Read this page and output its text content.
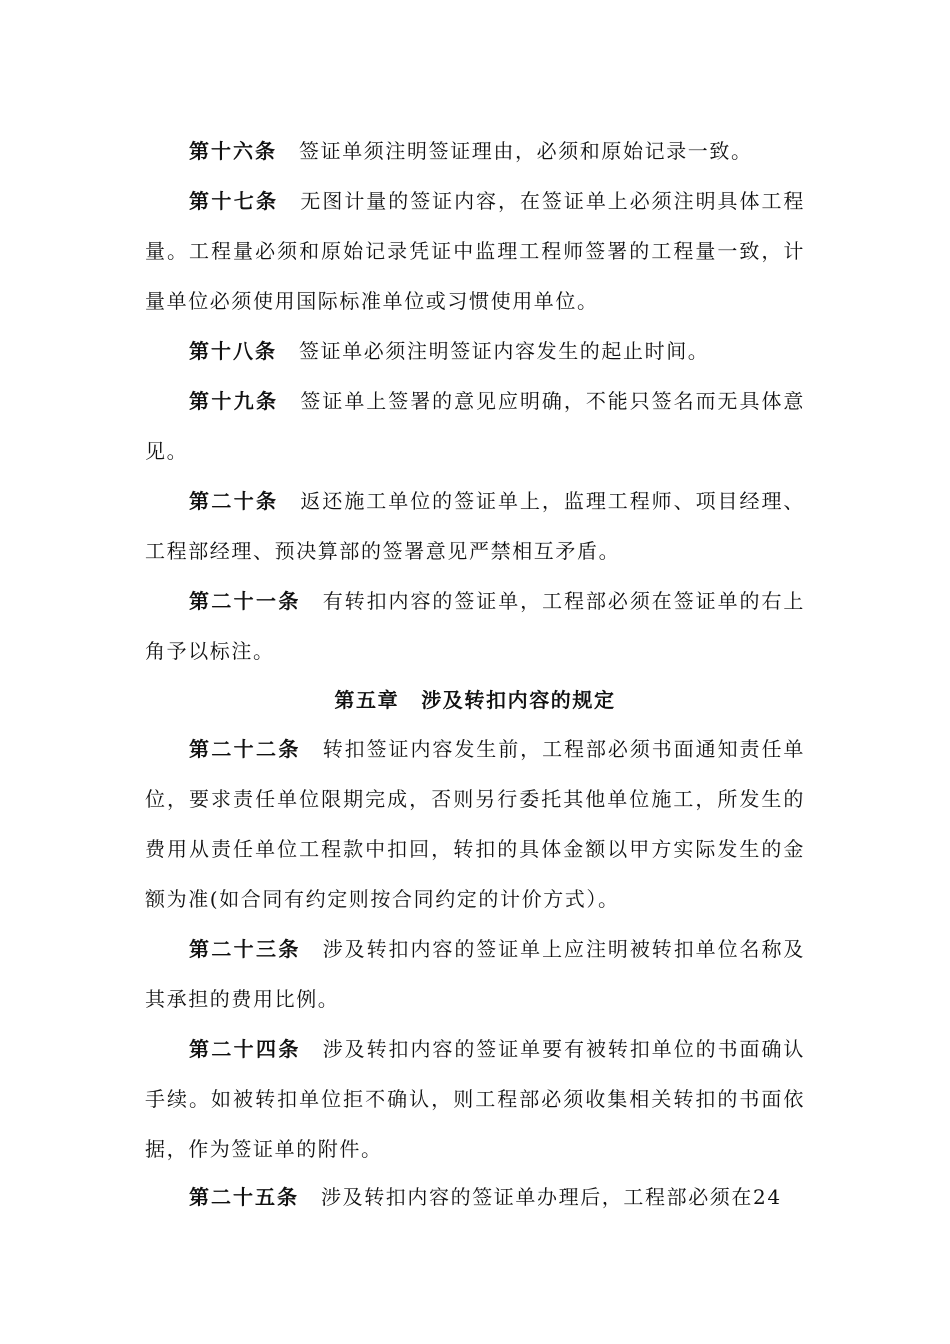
第十六条 签证单须注明签证理由，必须和原始记录一致。

第十七条 无图计量的签证内容，在签证单上必须注明具体工程量。工程量必须和原始记录凭证中监理工程师签署的工程量一致，计量单位必须使用国际标准单位或习惯使用单位。

第十八条 签证单必须注明签证内容发生的起止时间。

第十九条 签证单上签署的意见应明确，不能只签名而无具体意见。

第二十条 返还施工单位的签证单上，监理工程师、项目经理、工程部经理、预决算部的签署意见严禁相互矛盾。

第二十一条 有转扣内容的签证单，工程部必须在签证单的右上角予以标注。

第五章 涉及转扣内容的规定

第二十二条 转扣签证内容发生前，工程部必须书面通知责任单位，要求责任单位限期完成，否则另行委托其他单位施工，所发生的费用从责任单位工程款中扣回，转扣的具体金额以甲方实际发生的金额为准(如合同有约定则按合同约定的计价方式）。

第二十三条 涉及转扣内容的签证单上应注明被转扣单位名称及其承担的费用比例。

第二十四条 涉及转扣内容的签证单要有被转扣单位的书面确认手续。如被转扣单位拒不确认，则工程部必须收集相关转扣的书面依据，作为签证单的附件。

第二十五条 涉及转扣内容的签证单办理后，工程部必须在24
